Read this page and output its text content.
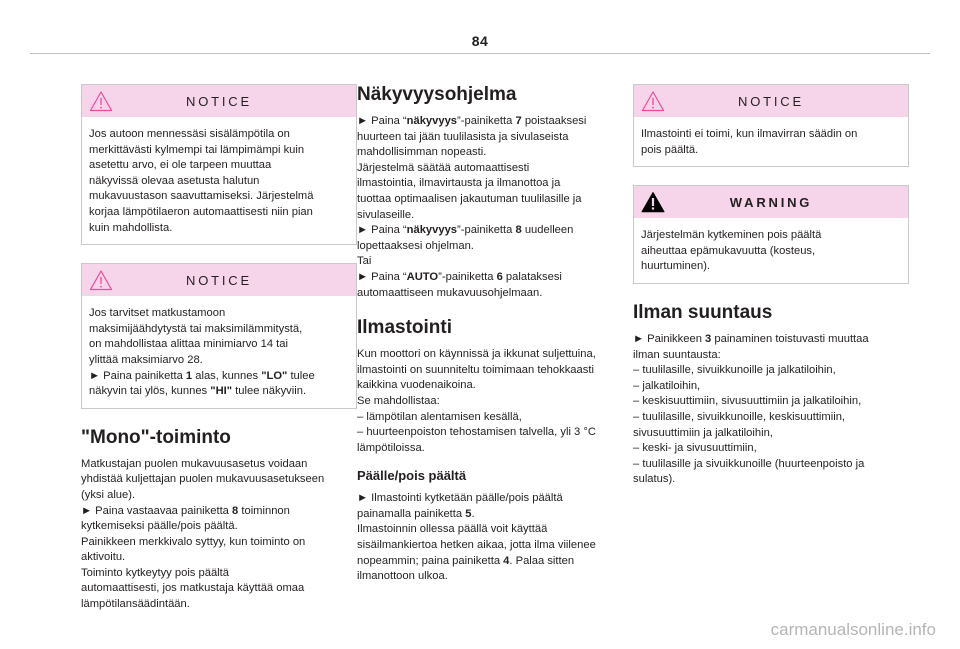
84
NOTICE
Jos autoon mennessäsi sisälämpötila on
merkittävästi kylmempi tai lämpimämpi kuin
asetettu arvo, ei ole tarpeen muuttaa
näkyvissä olevaa asetusta halutun
mukavuustason saavuttamiseksi. Järjestelmä
korjaa lämpötilaeron automaattisesti niin pian
kuin mahdollista.
NOTICE
Jos tarvitset matkustamoon
maksimijäähdytystä tai maksimilämmitystä,
on mahdollistaa alittaa minimiarvo 14 tai
ylittää maksimiarvo 28.
► Paina painiketta 1 alas, kunnes "LO" tulee
näkyvin tai ylös, kunnes "HI" tulee näkyviin.
"Mono"-toiminto

Matkustajan puolen mukavuusasetus voidaan
yhdistää kuljettajan puolen mukavuusasetukseen
(yksi alue).
► Paina vastaavaa painiketta 8 toiminnon
kytkemiseksi päälle/pois päältä.
Painikkeen merkkivalo syttyy, kun toiminto on
aktivoitu.
Toiminto kytkeytyy pois päältä
automaattisesti, jos matkustaja käyttää omaa
lämpötilansäädintään.

Näkyvyysohjelma

► Paina “näkyvyys”-painiketta 7 poistaaksesi
huurteen tai jään tuulilasista ja sivulaseista
mahdollisimman nopeasti.
Järjestelmä säätää automaattisesti
ilmastointia, ilmavirtausta ja ilmanottoa ja
tuottaa optimaalisen jakautuman tuulilasille ja
sivulaseille.
► Paina “näkyvyys”-painiketta 8 uudelleen
lopettaaksesi ohjelman.
Tai
► Paina “AUTO”-painiketta 6 palataksesi
automaattiseen mukavuusohjelmaan.

Ilmastointi

Kun moottori on käynnissä ja ikkunat suljettuina,
ilmastointi on suunniteltu toimimaan tehokkaasti
kaikkina vuodenaikoina.
Se mahdollistaa:
– lämpötilan alentamisen kesällä,
– huurteenpoiston tehostamisen talvella, yli 3 °C
lämpötiloissa.

Päälle/pois päältä

► Ilmastointi kytketään päälle/pois päältä
painamalla painiketta 5.
Ilmastoinnin ollessa päällä voit käyttää
sisäilmankiertoa hetken aikaa, jotta ilma viilenee
nopeammin; paina painiketta 4. Palaa sitten
ilmanottoon ulkoa.

NOTICE
Ilmastointi ei toimi, kun ilmavirran säädin on
pois päältä.
WARNING
Järjestelmän kytkeminen pois päältä
aiheuttaa epämukavuutta (kosteus,
huurtuminen).
Ilman suuntaus

► Painikkeen 3 painaminen toistuvasti muuttaa
ilman suuntausta:
– tuulilasille, sivuikkunoille ja jalkatiloihin,
– jalkatiloihin,
– keskisuuttimiin, sivusuuttimiin ja jalkatiloihin,
– tuulilasille, sivuikkunoille, keskisuuttimiin,
sivusuuttimiin ja jalkatiloihin,
– keski- ja sivusuuttimiin,
– tuulilasille ja sivuikkunoille (huurteenpoisto ja
sulatus).

carmanualsonline.info
